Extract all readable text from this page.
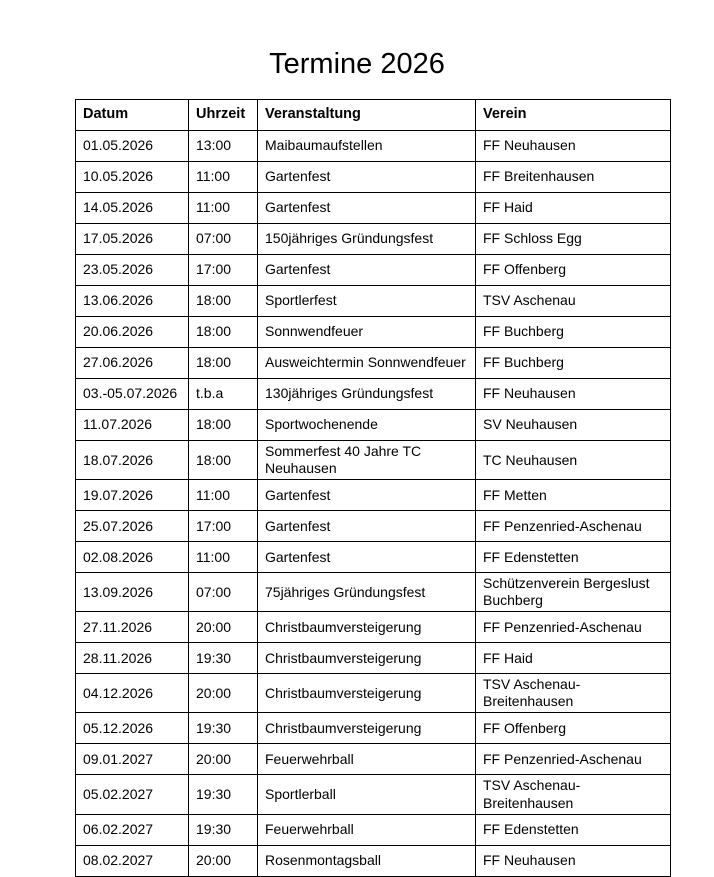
Termine 2026
Datum	Uhrzeit	Veranstaltung	Verein
01.05.2026	13:00	Maibaumaufstellen	FF Neuhausen
10.05.2026	11:00	Gartenfest	FF Breitenhausen
14.05.2026	11:00	Gartenfest	FF Haid
17.05.2026	07:00	150jähriges Gründungsfest	FF Schloss Egg
23.05.2026	17:00	Gartenfest	FF Offenberg
13.06.2026	18:00	Sportlerfest	TSV Aschenau
20.06.2026	18:00	Sonnwendfeuer	FF Buchberg
27.06.2026	18:00	Ausweichtermin Sonnwendfeuer	FF Buchberg
03.-05.07.2026	t.b.a	130jähriges Gründungsfest	FF Neuhausen
11.07.2026	18:00	Sportwochenende	SV Neuhausen
18.07.2026	18:00	Sommerfest 40 Jahre TC Neuhausen	TC Neuhausen
19.07.2026	11:00	Gartenfest	FF Metten
25.07.2026	17:00	Gartenfest	FF Penzenried-Aschenau
02.08.2026	11:00	Gartenfest	FF Edenstetten
13.09.2026	07:00	75jähriges Gründungsfest	Schützenverein Bergeslust Buchberg
27.11.2026	20:00	Christbaumversteigerung	FF Penzenried-Aschenau
28.11.2026	19:30	Christbaumversteigerung	FF Haid
04.12.2026	20:00	Christbaumversteigerung	TSV Aschenau-Breitenhausen
05.12.2026	19:30	Christbaumversteigerung	FF Offenberg
09.01.2027	20:00	Feuerwehrball	FF Penzenried-Aschenau
05.02.2027	19:30	Sportlerball	TSV Aschenau-Breitenhausen
06.02.2027	19:30	Feuerwehrball	FF Edenstetten
08.02.2027	20:00	Rosenmontagsball	FF Neuhausen
